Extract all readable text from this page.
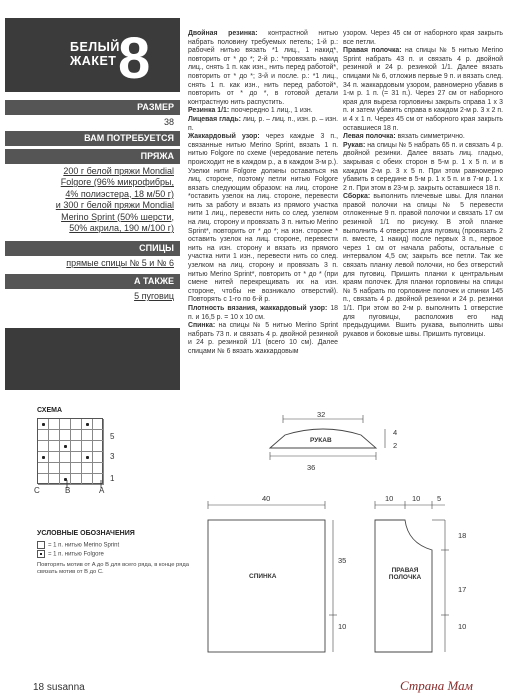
БЕЛЫЙ
ЖАКЕТ 8
РАЗМЕР
38
ВАМ ПОТРЕБУЕТСЯ
ПРЯЖА
200 г белой пряжи Mondial
Folgore (96% микрофибры,
4% полиэстера, 18 м/50 г)
и 300 г белой пряжи Mondial
Merino Sprint (50% шерсти,
50% акрила, 190 м/100 г)
СПИЦЫ
прямые спицы № 5 и № 6
А ТАКЖЕ
5 пуговиц

Двойная резинка: контрастной нитью набрать половину требуемых петель; 1-й р.: рабочей нитью вязать *1 лиц., 1 накид*, повторить от * до *; 2-й р.: *провязать накид лиц., снять 1 п. как изн., нить перед работой*, повторить от * до *; 3-й и после. р.: *1 лиц., снять 1 п. как изн., нить перед работой*, повторить от * до *, в готовой детали контрастную нить распустить.

Резинка 1/1: поочередно 1 лиц., 1 изн.

Лицевая гладь: лиц. р. – лиц. п., изн. р. – изн. п.

Жаккардовый узор: через каждые 3 п., связанные нитью Merino Sprint, вязать 1 п. нитью Folgore по схеме (чередование петель происходит не в каждом р., а в каждом 3-м р.). Узелки нити Folgore должны оставаться на лиц. стороне, поэтому петли нитью Folgore вязать следующим образом: на лиц. стороне *оставить узелок на лиц. стороне, перевести нить за работу и вязать из прямого участка нити 1 лиц., перевести нить со след. узелком на лиц. сторону и провязать 3 п. нитью Merino Sprint*, повторить от * до *; на изн. стороне * оставить узелок на лиц. стороне, перевести нить на изн. сторону и вязать из прямого участка нити 1 изн., перевести нить со след. узелком на лиц. сторону и провязать 3 п. нитью Merino Sprint*, повторить от * до * (при смене нитей перекрещивать их на изн. стороне, чтобы не возникало отверстий). Повторять с 1-го по 6-й р.

Плотность вязания, жаккардовый узор: 18 п. и 16,5 р. = 10 х 10 см.

Спинка: на спицы № 5 нитью Merino Sprint набрать 73 п. и связать 4 р. двойной резинкой и 24 р. резинкой 1/1 (всего 10 см). Далее спицами № 6 вязать жаккардовым

узором. Через 45 см от наборного края закрыть все петли.

Правая полочка: на спицы № 5 нитью Merino Sprint набрать 43 п. и связать 4 р. двойной резинкой и 24 р. резинкой 1/1. Далее вязать спицами № 6, отложив первые 9 п. и вязать след. 34 п. жаккардовым узором, равномерно убавив в 1-м р. 1 п. (= 31 п.). Через 27 см от наборного края для выреза горловины закрыть справа 1 х 3 п. и затем убавить справа в каждом 2-м р. 3 х 2 п. и 4 х 1 п. Через 45 см от наборного края закрыть оставшиеся 18 п.

Левая полочка: вязать симметрично.

Рукав: на спицы № 5 набрать 65 п. и связать 4 р. двойной резинки. Далее вязать лиц. гладью, закрывая с обеих сторон в 5-м р. 1 х 5 п. и в каждом 2-м р. 3 х 5 п. При этом равномерно убавить в середине в 5-м р. 1 х 5 п. и в 7-м р. 1 х 2 п. При этом в 23-м р. закрыть оставшиеся 18 п.

Сборка: выполнить плечевые швы. Для планки правой полочки на спицы № 5 перевести отложенные 9 п. правой полочки и связать 17 см резинкой 1/1 по рисунку. В этой планке выполнить 4 отверстия для пуговиц (провязать 2 п. вместе, 1 накид) после первых 3 п., первое через 1 см от начала работы, остальные с интервалом 4,5 см; закрыть все петли. Так же связать планку левой полочки, но без отверстий для пуговиц. Пришить планки к центральным краям полочек. Для планки горловины на спицы № 5 набрать по горловине полочек и спинки 145 п., связать 4 р. двойной резинки и 24 р. резинки 1/1. При этом во 2-м р. выполнить 1 отверстие для пуговицы, расположив его над предыдущими. Вшить рукава, выполнить швы рукавов и боковые швы. Пришить пуговицы.

СХЕМА
5
3
1
C	B	A
УСЛОВНЫЕ ОБОЗНАЧЕНИЯ
= 1 п. нитью Merino Sprint
= 1 п. нитью Folgore
Повторять мотив от A до B для всего ряда, в конце ряда связать мотив от B до C.
32
36
4
2
РУКАВ
40
СПИНКА
35
10
10 10 5
ПРАВАЯ
ПОЛОЧКА
18
17
10
18 susanna	Страна Мам
